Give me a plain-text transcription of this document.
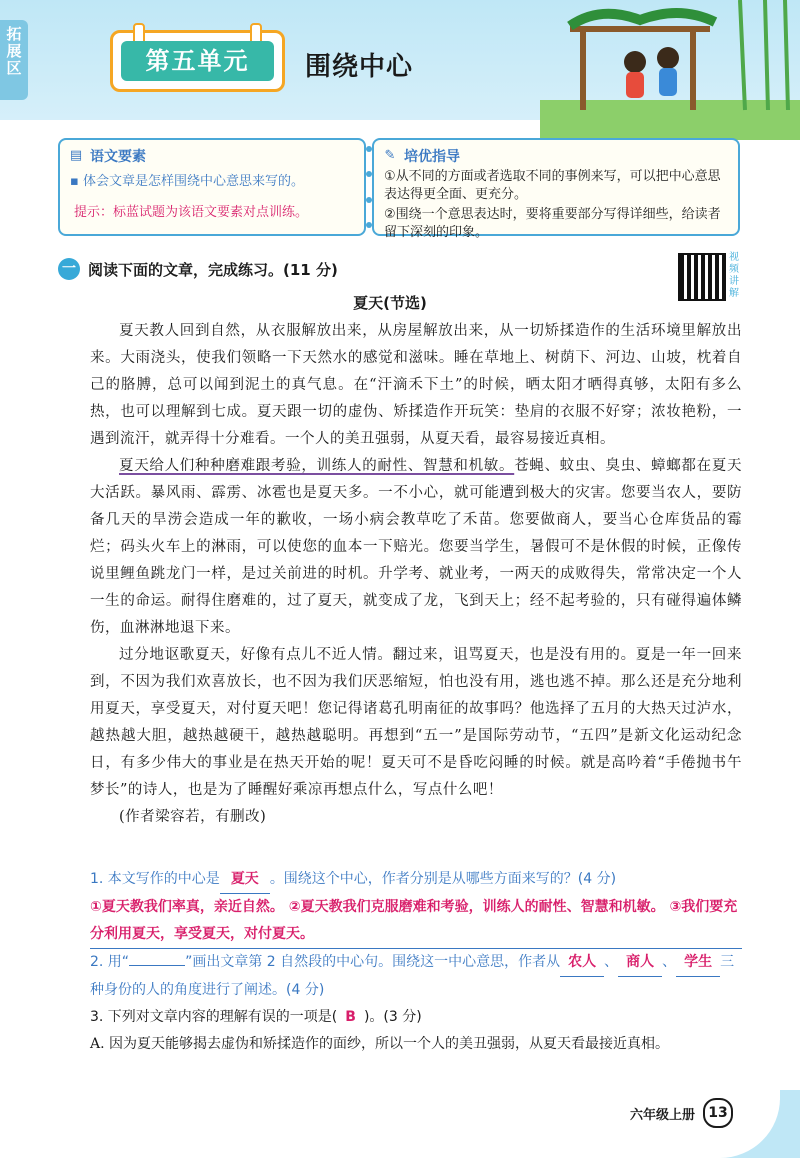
拓展区	第五单元	围绕中心
▤ 语文要素
▪ 体会文章是怎样围绕中心意思来写的。
提示：标蓝试题为该语文要素对点训练。
✎ 培优指导
①从不同的方面或者选取不同的事例来写，可以把中心意思表达得更全面、更充分。
②围绕一个意思表达时，要将重要部分写得详细些，给读者留下深刻的印象。
一 阅读下面的文章，完成练习。(11 分)
视频讲解
夏天(节选)

夏天教人回到自然，从衣服解放出来，从房屋解放出来，从一切矫揉造作的生活环境里解放出来。大雨浇头，使我们领略一下天然水的感觉和滋味。睡在草地上、树荫下、河边、山坡，枕着自己的胳膊，总可以闻到泥土的真气息。在“汗滴禾下土”的时候，晒太阳才晒得真够，太阳有多么热，也可以理解到七成。夏天跟一切的虚伪、矫揉造作开玩笑：垫肩的衣服不好穿；浓妆艳粉，一遇到流汗，就弄得十分难看。一个人的美丑强弱，从夏天看，最容易接近真相。

夏天给人们种种磨难跟考验，训练人的耐性、智慧和机敏。苍蝇、蚊虫、臭虫、蟑螂都在夏天大活跃。暴风雨、霹雳、冰雹也是夏天多。一不小心，就可能遭到极大的灾害。您要当农人，要防备几天的旱涝会造成一年的歉收，一场小病会教草吃了禾苗。您要做商人，要当心仓库货品的霉烂；码头火车上的淋雨，可以使您的血本一下赔光。您要当学生，暑假可不是休假的时候，正像传说里鲤鱼跳龙门一样，是过关前进的时机。升学考、就业考，一两天的成败得失，常常决定一个人一生的命运。耐得住磨难的，过了夏天，就变成了龙，飞到天上；经不起考验的，只有碰得遍体鳞伤，血淋淋地退下来。

过分地讴歌夏天，好像有点儿不近人情。翻过来，诅骂夏天，也是没有用的。夏是一年一回来到，不因为我们欢喜放长，也不因为我们厌恶缩短，怕也没有用，逃也逃不掉。那么还是充分地利用夏天，享受夏天，对付夏天吧！您记得诸葛孔明南征的故事吗？他选择了五月的大热天过泸水，越热越大胆，越热越硬干，越热越聪明。再想到“五一”是国际劳动节，“五四”是新文化运动纪念日，有多少伟大的事业是在热天开始的呢！夏天可不是昏吃闷睡的时候。就是高吟着“手倦抛书午梦长”的诗人，也是为了睡醒好乘凉再想点什么，写点什么吧！

(作者梁容若，有删改)

1. 本文写作的中心是 夏天 。围绕这个中心，作者分别是从哪些方面来写的？(4 分)
①夏天教我们率真，亲近自然。 ②夏天教我们克服磨难和考验，训练人的耐性、智慧和机敏。 ③我们要充分利用夏天，享受夏天，对付夏天。
2. 用“	”画出文章第 2 自然段的中心句。围绕这一中心意思，作者从 农人 、 商人 、 学生 三种身份的人的角度进行了阐述。(4 分)
3. 下列对文章内容的理解有误的一项是( B )。(3 分)
A. 因为夏天能够揭去虚伪和矫揉造作的面纱，所以一个人的美丑强弱，从夏天看最接近真相。
六年级上册 13
